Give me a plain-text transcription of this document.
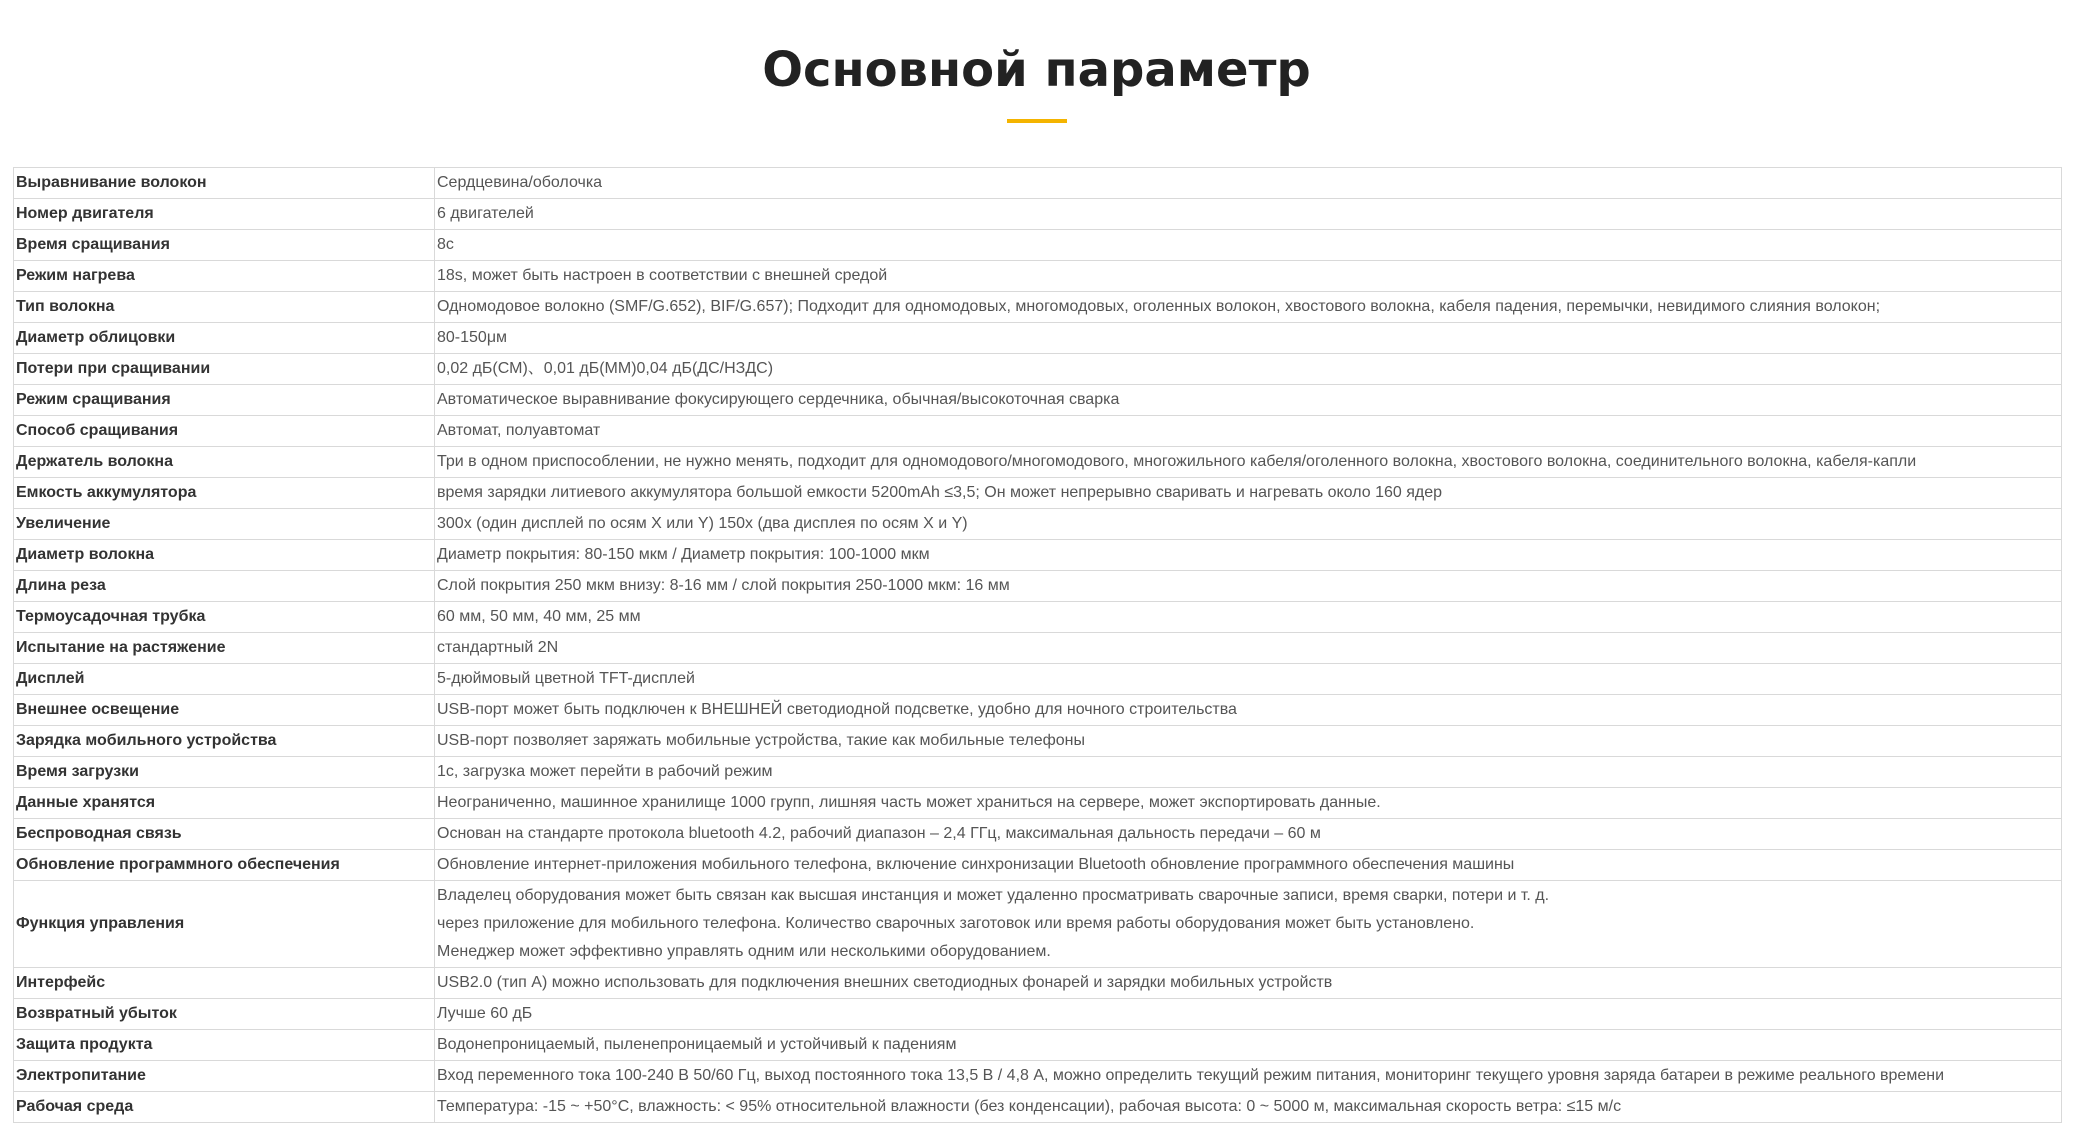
Основной параметр
Выравнивание волокон	Сердцевина/оболочка
Номер двигателя	6 двигателей
Время сращивания	8с
Режим нагрева	18s, может быть настроен в соответствии с внешней средой
Тип волокна	Одномодовое волокно (SMF/G.652), BIF/G.657); Подходит для одномодовых, многомодовых, оголенных волокон, хвостового волокна, кабеля падения, перемычки, невидимого слияния волокон;
Диаметр облицовки	80-150μм
Потери при сращивании	0,02 дБ(СМ)、0,01 дБ(ММ)0,04 дБ(ДС/НЗДС)
Режим сращивания	Автоматическое выравнивание фокусирующего сердечника, обычная/высокоточная сварка
Способ сращивания	Автомат, полуавтомат
Держатель волокна	Три в одном приспособлении, не нужно менять, подходит для одномодового/многомодового, многожильного кабеля/оголенного волокна, хвостового волокна, соединительного волокна, кабеля-капли
Емкость аккумулятора	время зарядки литиевого аккумулятора большой емкости 5200mAh ≤3,5; Он может непрерывно сваривать и нагревать около 160 ядер
Увеличение	300x (один дисплей по осям X или Y) 150x (два дисплея по осям X и Y)
Диаметр волокна	Диаметр покрытия: 80-150 мкм / Диаметр покрытия: 100-1000 мкм
Длина реза	Слой покрытия 250 мкм внизу: 8-16 мм / слой покрытия 250-1000 мкм: 16 мм
Термоусадочная трубка	60 мм, 50 мм, 40 мм, 25 мм
Испытание на растяжение	стандартный 2N
Дисплей	5-дюймовый цветной TFT-дисплей
Внешнее освещение	USB-порт может быть подключен к ВНЕШНЕЙ светодиодной подсветке, удобно для ночного строительства
Зарядка мобильного устройства	USB-порт позволяет заряжать мобильные устройства, такие как мобильные телефоны
Время загрузки	1с, загрузка может перейти в рабочий режим
Данные хранятся	Неограниченно, машинное хранилище 1000 групп, лишняя часть может храниться на сервере, может экспортировать данные.
Беспроводная связь	Основан на стандарте протокола bluetooth 4.2, рабочий диапазон – 2,4 ГГц, максимальная дальность передачи – 60 м
Обновление программного обеспечения	Обновление интернет-приложения мобильного телефона, включение синхронизации Bluetooth обновление программного обеспечения машины
Функция управления	Владелец оборудования может быть связан как высшая инстанция и может удаленно просматривать сварочные записи, время сварки, потери и т. д.
через приложение для мобильного телефона. Количество сварочных заготовок или время работы оборудования может быть установлено.
Менеджер может эффективно управлять одним или несколькими оборудованием.

Интерфейс	USB2.0 (тип А) можно использовать для подключения внешних светодиодных фонарей и зарядки мобильных устройств
Возвратный убыток	Лучше 60 дБ
Защита продукта	Водонепроницаемый, пыленепроницаемый и устойчивый к падениям
Электропитание	Вход переменного тока 100-240 В 50/60 Гц, выход постоянного тока 13,5 В / 4,8 А, можно определить текущий режим питания, мониторинг текущего уровня заряда батареи в режиме реального времени
Рабочая среда	Температура: -15 ~ +50°C, влажность: < 95% относительной влажности (без конденсации), рабочая высота: 0 ~ 5000 м, максимальная скорость ветра: ≤15 м/с
